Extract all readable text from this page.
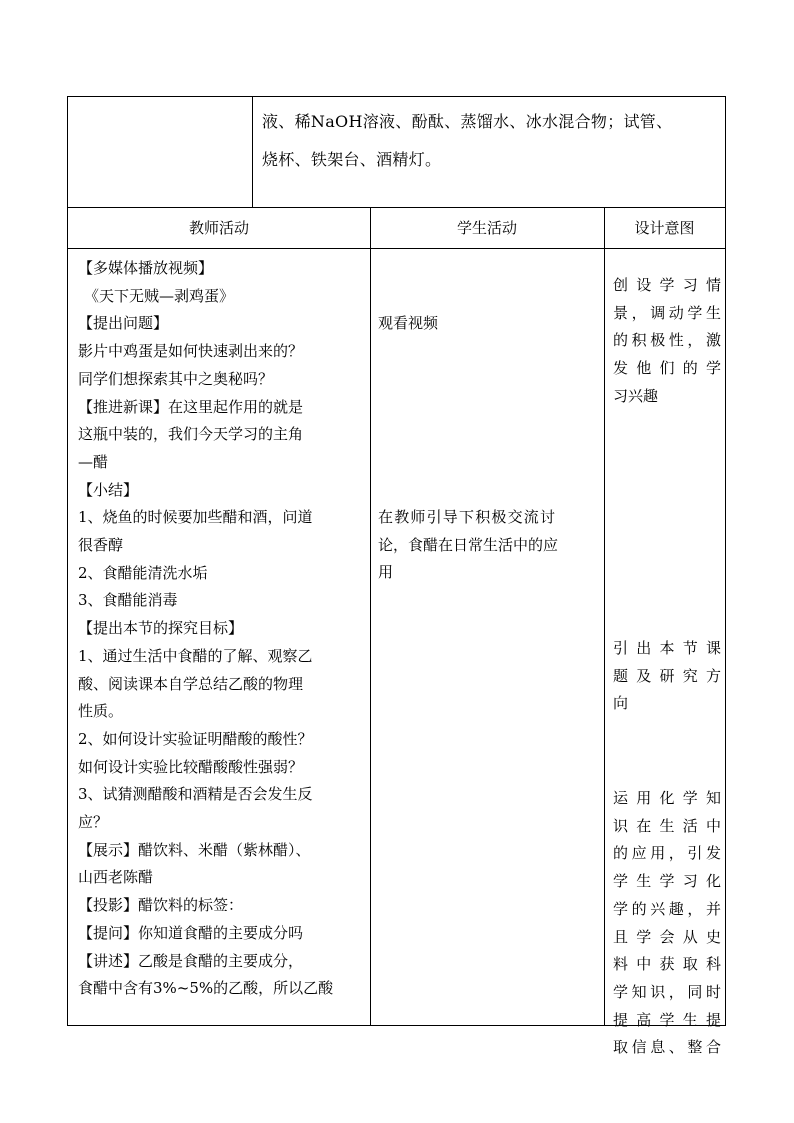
液、稀NaOH溶液、酚酞、蒸馏水、冰水混合物；试管、
烧杯、铁架台、酒精灯。
教师活动	学生活动	设计意图
【多媒体播放视频】
《天下无贼—剥鸡蛋》
【提出问题】
影片中鸡蛋是如何快速剥出来的？
同学们想探索其中之奥秘吗？
【推进新课】在这里起作用的就是
这瓶中装的，我们今天学习的主角
—醋
【小结】
1、烧鱼的时候要加些醋和酒，问道
很香醇
2、食醋能清洗水垢
3、食醋能消毒
【提出本节的探究目标】
1、通过生活中食醋的了解、观察乙
酸、阅读课本自学总结乙酸的物理
性质。
2、如何设计实验证明醋酸的酸性？
如何设计实验比较醋酸酸性强弱？
3、试猜测醋酸和酒精是否会发生反
应？
【展示】醋饮料、米醋（紫林醋）、
山西老陈醋
【投影】醋饮料的标签：
【提问】你知道食醋的主要成分吗
【讲述】乙酸是食醋的主要成分，
食醋中含有3%~5%的乙酸，所以乙酸
观看视频
在教师引导下积极交流讨
论，食醋在日常生活中的应
用
创设学习情
景，调动学生
的积极性，激
发他们的学
习兴趣
引出本节课
题及研究方
向
运用化学知
识在生活中
的应用，引发
学生学习化
学的兴趣，并
且学会从史
料中获取科
学知识，同时
提高学生提
取信息、整合
